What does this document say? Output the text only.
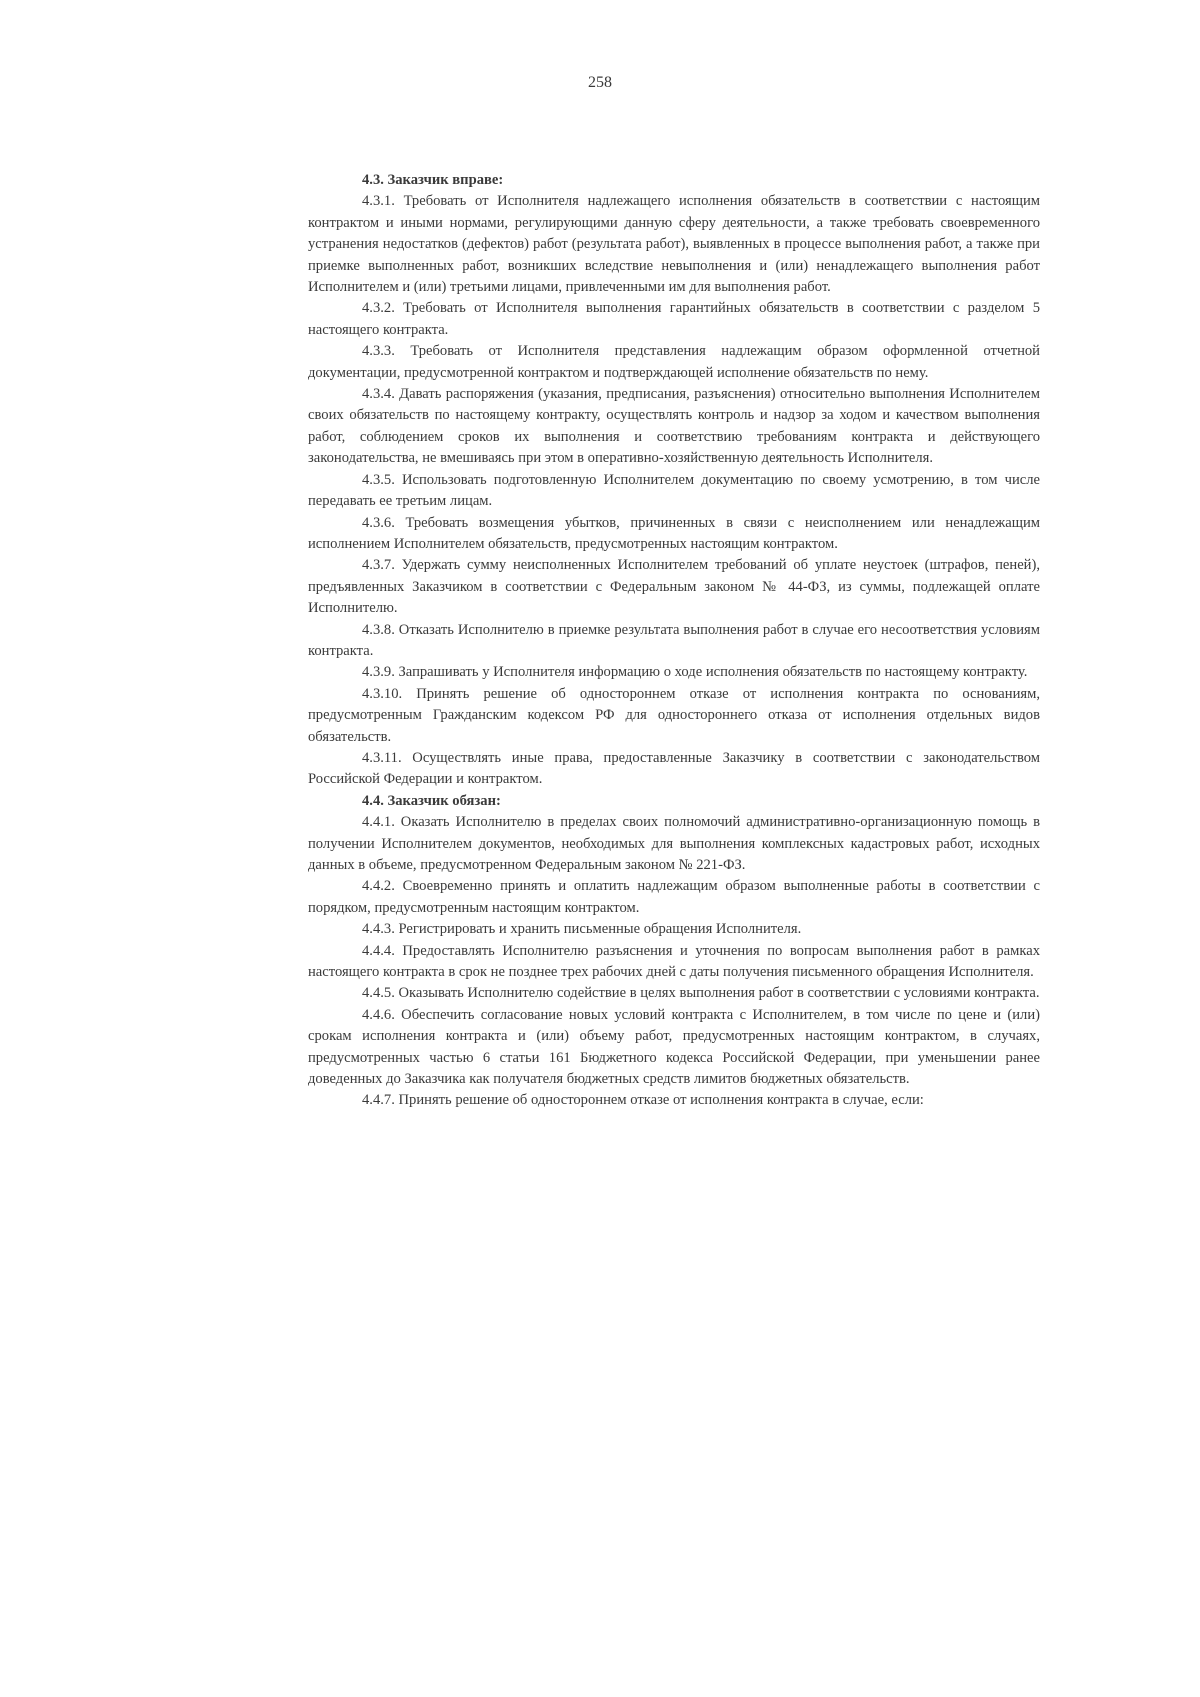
258

4.3. Заказчик вправе:

4.3.1. Требовать от Исполнителя надлежащего исполнения обязательств в соответствии с настоящим контрактом и иными нормами, регулирующими данную сферу деятельности, а также требовать своевременного устранения недостатков (дефектов) работ (результата работ), выявленных в процессе выполнения работ, а также при приемке выполненных работ, возникших вследствие невыполнения и (или) ненадлежащего выполнения работ Исполнителем и (или) третьими лицами, привлеченными им для выполнения работ.

4.3.2. Требовать от Исполнителя выполнения гарантийных обязательств в соответствии с разделом 5 настоящего контракта.

4.3.3. Требовать от Исполнителя представления надлежащим образом оформленной отчетной документации, предусмотренной контрактом и подтверждающей исполнение обязательств по нему.

4.3.4. Давать распоряжения (указания, предписания, разъяснения) относительно выполнения Исполнителем своих обязательств по настоящему контракту, осуществлять контроль и надзор за ходом и качеством выполнения работ, соблюдением сроков их выполнения и соответствию требованиям контракта и действующего законодательства, не вмешиваясь при этом в оперативно-хозяйственную деятельность Исполнителя.

4.3.5. Использовать подготовленную Исполнителем документацию по своему усмотрению, в том числе передавать ее третьим лицам.

4.3.6. Требовать возмещения убытков, причиненных в связи с неисполнением или ненадлежащим исполнением Исполнителем обязательств, предусмотренных настоящим контрактом.

4.3.7. Удержать сумму неисполненных Исполнителем требований об уплате неустоек (штрафов, пеней), предъявленных Заказчиком в соответствии с Федеральным законом № 44-ФЗ, из суммы, подлежащей оплате Исполнителю.

4.3.8. Отказать Исполнителю в приемке результата выполнения работ в случае его несоответствия условиям контракта.

4.3.9. Запрашивать у Исполнителя информацию о ходе исполнения обязательств по настоящему контракту.

4.3.10. Принять решение об одностороннем отказе от исполнения контракта по основаниям, предусмотренным Гражданским кодексом РФ для одностороннего отказа от исполнения отдельных видов обязательств.

4.3.11. Осуществлять иные права, предоставленные Заказчику в соответствии с законодательством Российской Федерации и контрактом.

4.4. Заказчик обязан:

4.4.1. Оказать Исполнителю в пределах своих полномочий административно-организационную помощь в получении Исполнителем документов, необходимых для выполнения комплексных кадастровых работ, исходных данных в объеме, предусмотренном Федеральным законом № 221-ФЗ.

4.4.2. Своевременно принять и оплатить надлежащим образом выполненные работы в соответствии с порядком, предусмотренным настоящим контрактом.

4.4.3. Регистрировать и хранить письменные обращения Исполнителя.

4.4.4. Предоставлять Исполнителю разъяснения и уточнения по вопросам выполнения работ в рамках настоящего контракта в срок не позднее трех рабочих дней с даты получения письменного обращения Исполнителя.

4.4.5. Оказывать Исполнителю содействие в целях выполнения работ в соответствии с условиями контракта.

4.4.6. Обеспечить согласование новых условий контракта с Исполнителем, в том числе по цене и (или) срокам исполнения контракта и (или) объему работ, предусмотренных настоящим контрактом, в случаях, предусмотренных частью 6 статьи 161 Бюджетного кодекса Российской Федерации, при уменьшении ранее доведенных до Заказчика как получателя бюджетных средств лимитов бюджетных обязательств.

4.4.7. Принять решение об одностороннем отказе от исполнения контракта в случае, если:
